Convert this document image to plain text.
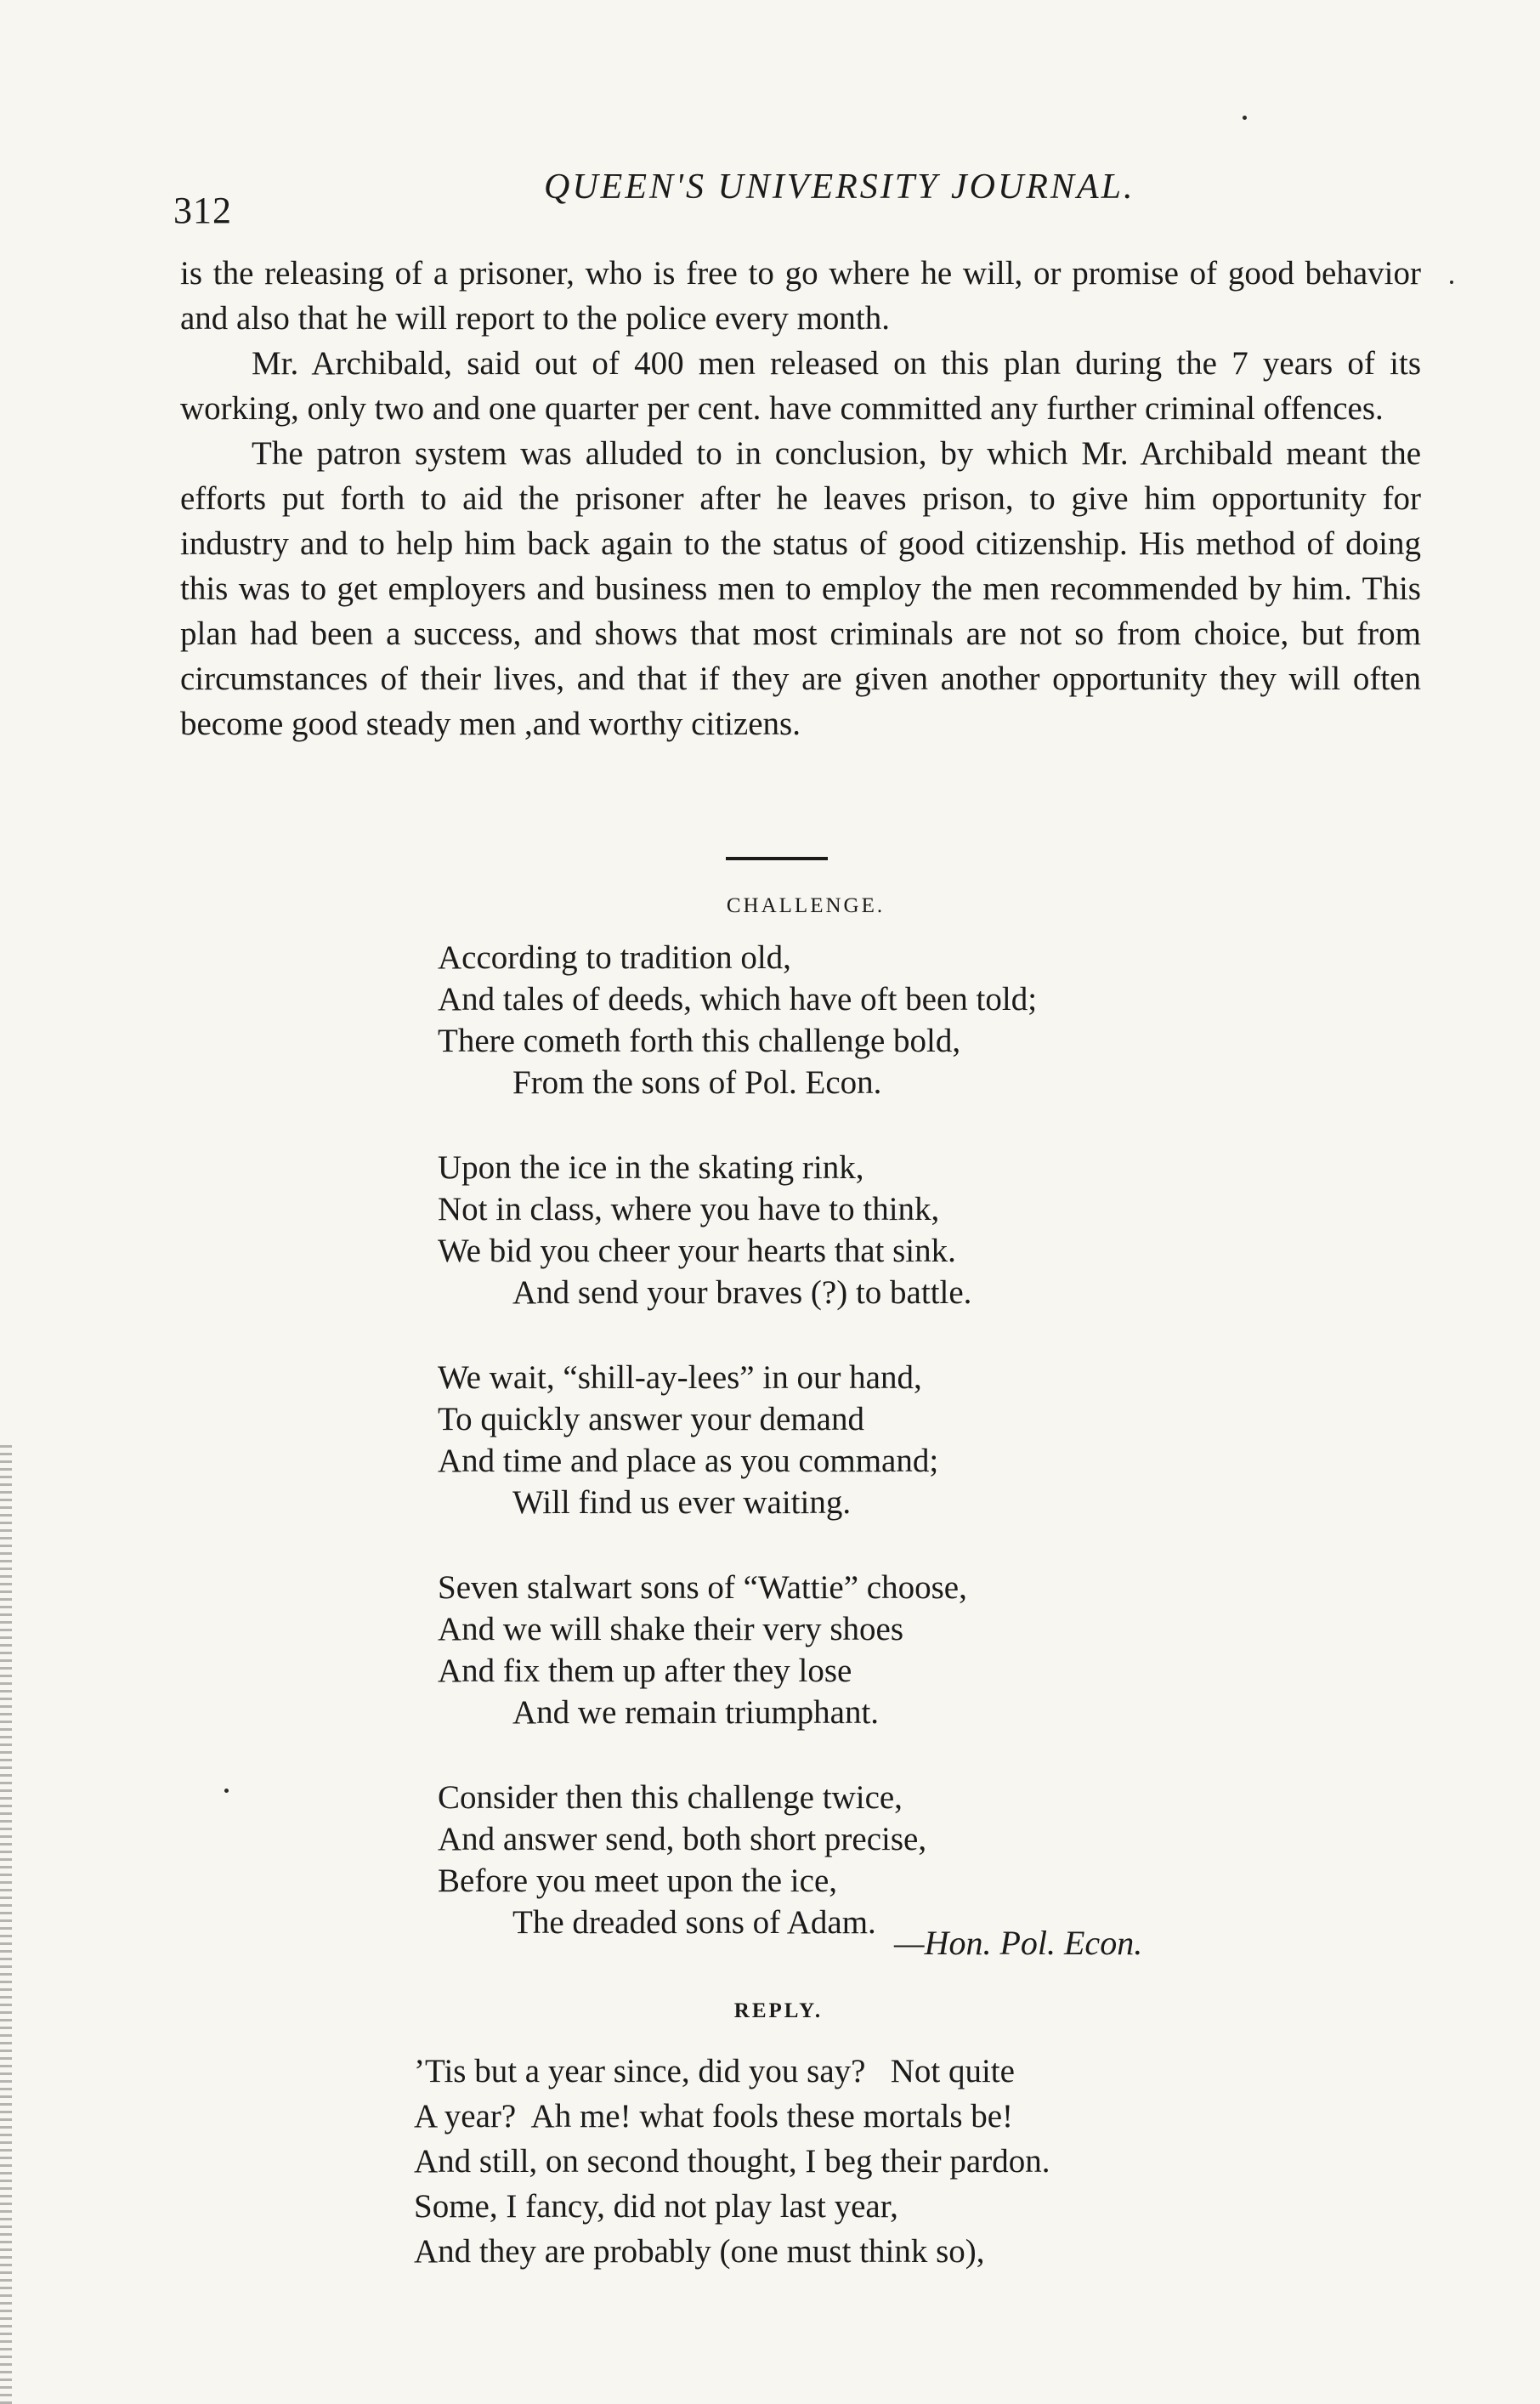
312
QUEEN'S UNIVERSITY JOURNAL.

is the releasing of a prisoner, who is free to go where he will, or promise of good behavior and also that he will report to the police every month.

Mr. Archibald, said out of 400 men released on this plan during the 7 years of its working, only two and one quarter per cent. have committed any further criminal offences.

The patron system was alluded to in conclusion, by which Mr. Archibald meant the efforts put forth to aid the prisoner after he leaves prison, to give him opportunity for industry and to help him back again to the status of good citizenship. His method of doing this was to get employers and business men to employ the men recommended by him. This plan had been a success, and shows that most criminals are not so from choice, but from circumstances of their lives, and that if they are given another opportunity they will often become good steady men ,and worthy citizens.

CHALLENGE.
According to tradition old,
And tales of deeds, which have oft been told;
There cometh forth this challenge bold,
From the sons of Pol. Econ.
Upon the ice in the skating rink,
Not in class, where you have to think,
We bid you cheer your hearts that sink.
And send your braves (?) to battle.
We wait, “shill-ay-lees” in our hand,
To quickly answer your demand
And time and place as you command;
Will find us ever waiting.
Seven stalwart sons of “Wattie” choose,
And we will shake their very shoes
And fix them up after they lose
And we remain triumphant.
Consider then this challenge twice,
And answer send, both short precise,
Before you meet upon the ice,
The dreaded sons of Adam.
—Hon. Pol. Econ.
REPLY.
’Tis but a year since, did you say?   Not quite
A year?  Ah me! what fools these mortals be!
And still, on second thought, I beg their pardon.
Some, I fancy, did not play last year,
And they are probably (one must think so),
